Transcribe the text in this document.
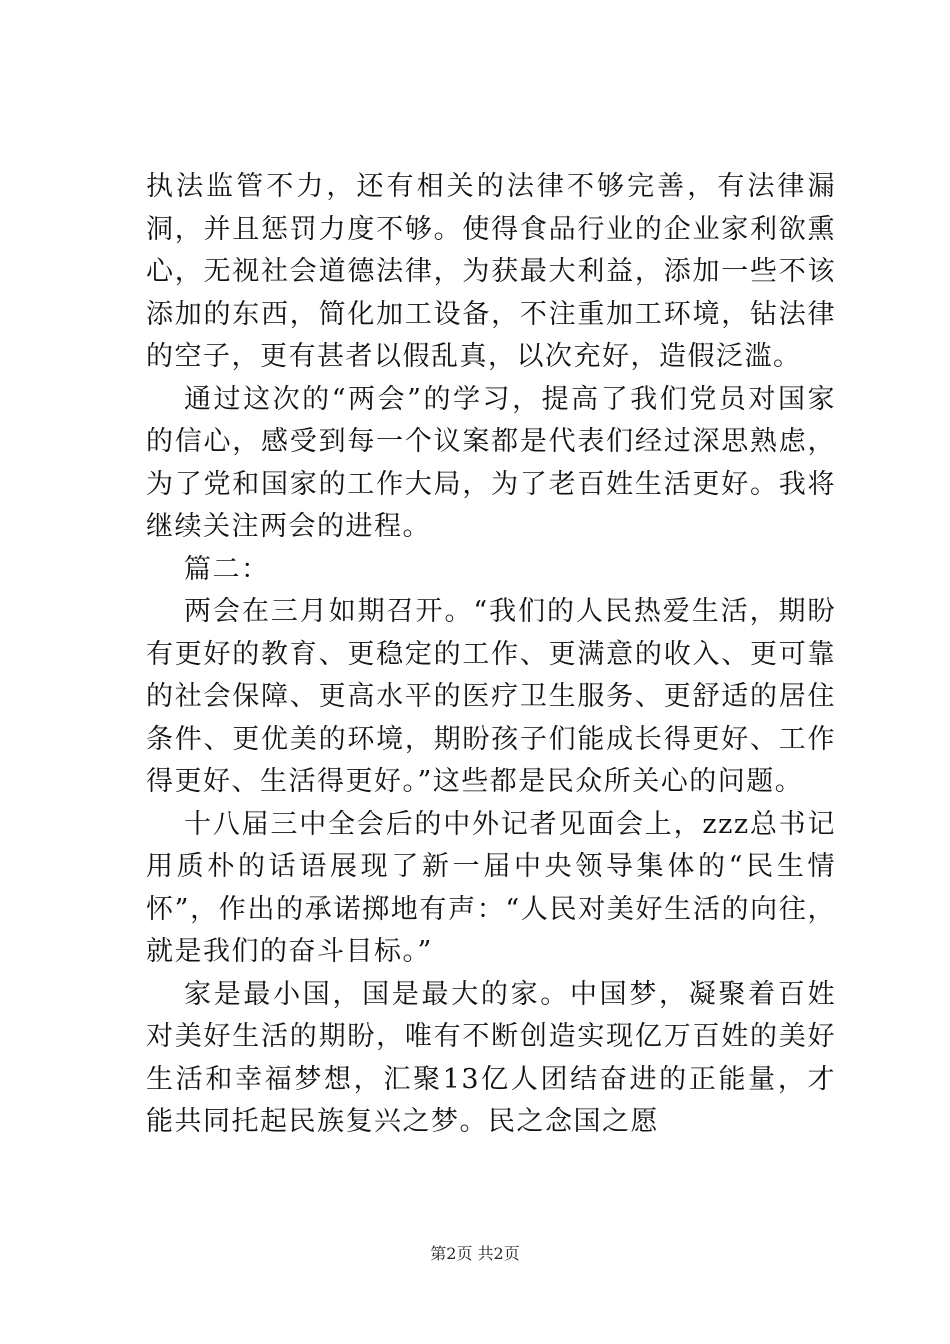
执法监管不力，还有相关的法律不够完善，有法律漏洞，并且惩罚力度不够。使得食品行业的企业家利欲熏心，无视社会道德法律，为获最大利益，添加一些不该添加的东西，简化加工设备，不注重加工环境，钻法律的空子，更有甚者以假乱真，以次充好，造假泛滥。

通过这次的“两会”的学习，提高了我们党员对国家的信心，感受到每一个议案都是代表们经过深思熟虑，为了党和国家的工作大局，为了老百姓生活更好。我将继续关注两会的进程。

篇二：

两会在三月如期召开。“我们的人民热爱生活，期盼有更好的教育、更稳定的工作、更满意的收入、更可靠的社会保障、更高水平的医疗卫生服务、更舒适的居住条件、更优美的环境，期盼孩子们能成长得更好、工作得更好、生活得更好。”这些都是民众所关心的问题。

十八届三中全会后的中外记者见面会上，zzz总书记用质朴的话语展现了新一届中央领导集体的“民生情怀”，作出的承诺掷地有声：“人民对美好生活的向往，就是我们的奋斗目标。”

家是最小国，国是最大的家。中国梦，凝聚着百姓对美好生活的期盼，唯有不断创造实现亿万百姓的美好生活和幸福梦想，汇聚13亿人团结奋进的正能量，才能共同托起民族复兴之梦。民之念国之愿

第2页 共2页
